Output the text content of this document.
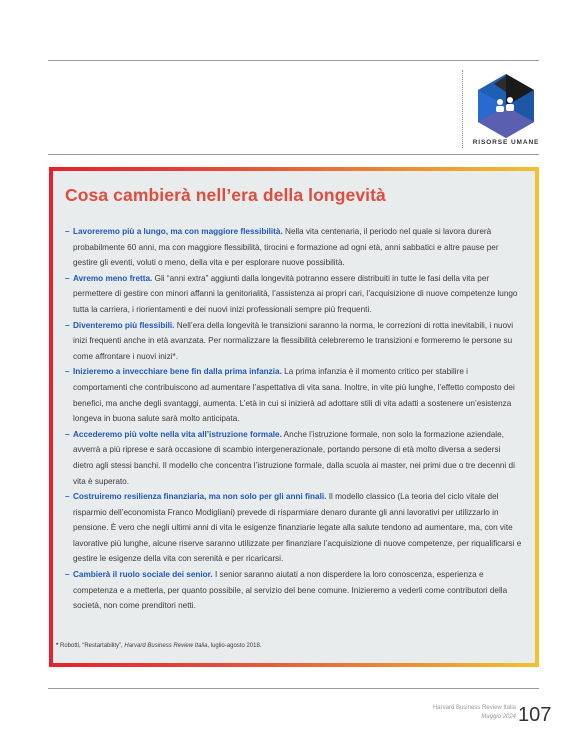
RISORSE UMANE
Cosa cambierà nell’era della longevità
– Lavoreremo più a lungo, ma con maggiore flessibilità. Nella vita centenaria, il periodo nel quale si lavora durerà probabilmente 60 anni, ma con maggiore flessibilità, tirocini e formazione ad ogni età, anni sabbatici e altre pause per gestire gli eventi, voluti o meno, della vita e per esplorare nuove possibilità.
– Avremo meno fretta. Gli “anni extra” aggiunti dalla longevità potranno essere distribuiti in tutte le fasi della vita per permettere di gestire con minori affanni la genitorialità, l’assistenza ai propri cari, l’acquisizione di nuove competenze lungo tutta la carriera, i riorientamenti e dei nuovi inizi professionali sempre più frequenti.
– Diventeremo più flessibili. Nell’era della longevità le transizioni saranno la norma, le correzioni di rotta inevitabili, i nuovi inizi frequenti anche in età avanzata. Per normalizzare la flessibilità celebreremo le transizioni e formeremo le persone su come affrontare i nuovi inizi*.
– Inizieremo a invecchiare bene fin dalla prima infanzia. La prima infanzia è il momento critico per stabilire i comportamenti che contribuiscono ad aumentare l’aspettativa di vita sana. Inoltre, in vite più lunghe, l’effetto composto dei benefici, ma anche degli svantaggi, aumenta. L’età in cui si inizierà ad adottare stili di vita adatti a sostenere un’esistenza longeva in buona salute sarà molto anticipata.
– Accederemo più volte nella vita all’istruzione formale. Anche l’istruzione formale, non solo la formazione aziendale, avverrà a più riprese e sarà occasione di scambio intergenerazionale, portando persone di età molto diversa a sedersi dietro agli stessi banchi. Il modello che concentra l’istruzione formale, dalla scuola ai master, nei primi due o tre decenni di vita è superato.
– Costruiremo resilienza finanziaria, ma non solo per gli anni finali. Il modello classico (La teoria del ciclo vitale del risparmio dell’economista Franco Modigliani) prevede di risparmiare denaro durante gli anni lavorativi per utilizzarlo in pensione. È vero che negli ultimi anni di vita le esigenze finanziarie legate alla salute tendono ad aumentare, ma, con vite lavorative più lunghe, alcune riserve saranno utilizzate per finanziare l’acquisizione di nuove competenze, per riqualificarsi e gestire le esigenze della vita con serenità e per ricaricarsi.
– Cambierà il ruolo sociale dei senior. I senior saranno aiutati a non disperdere la loro conoscenza, esperienza e competenza e a metterla, per quanto possibile, al servizio del bene comune. Inizieremo a vederli come contributori della società, non come prenditori netti.
* Robotti, “Restartability”, Harvard Business Review Italia, luglio-agosto 2018.
Harvard Business Review Italia
Maggio 2024 107
